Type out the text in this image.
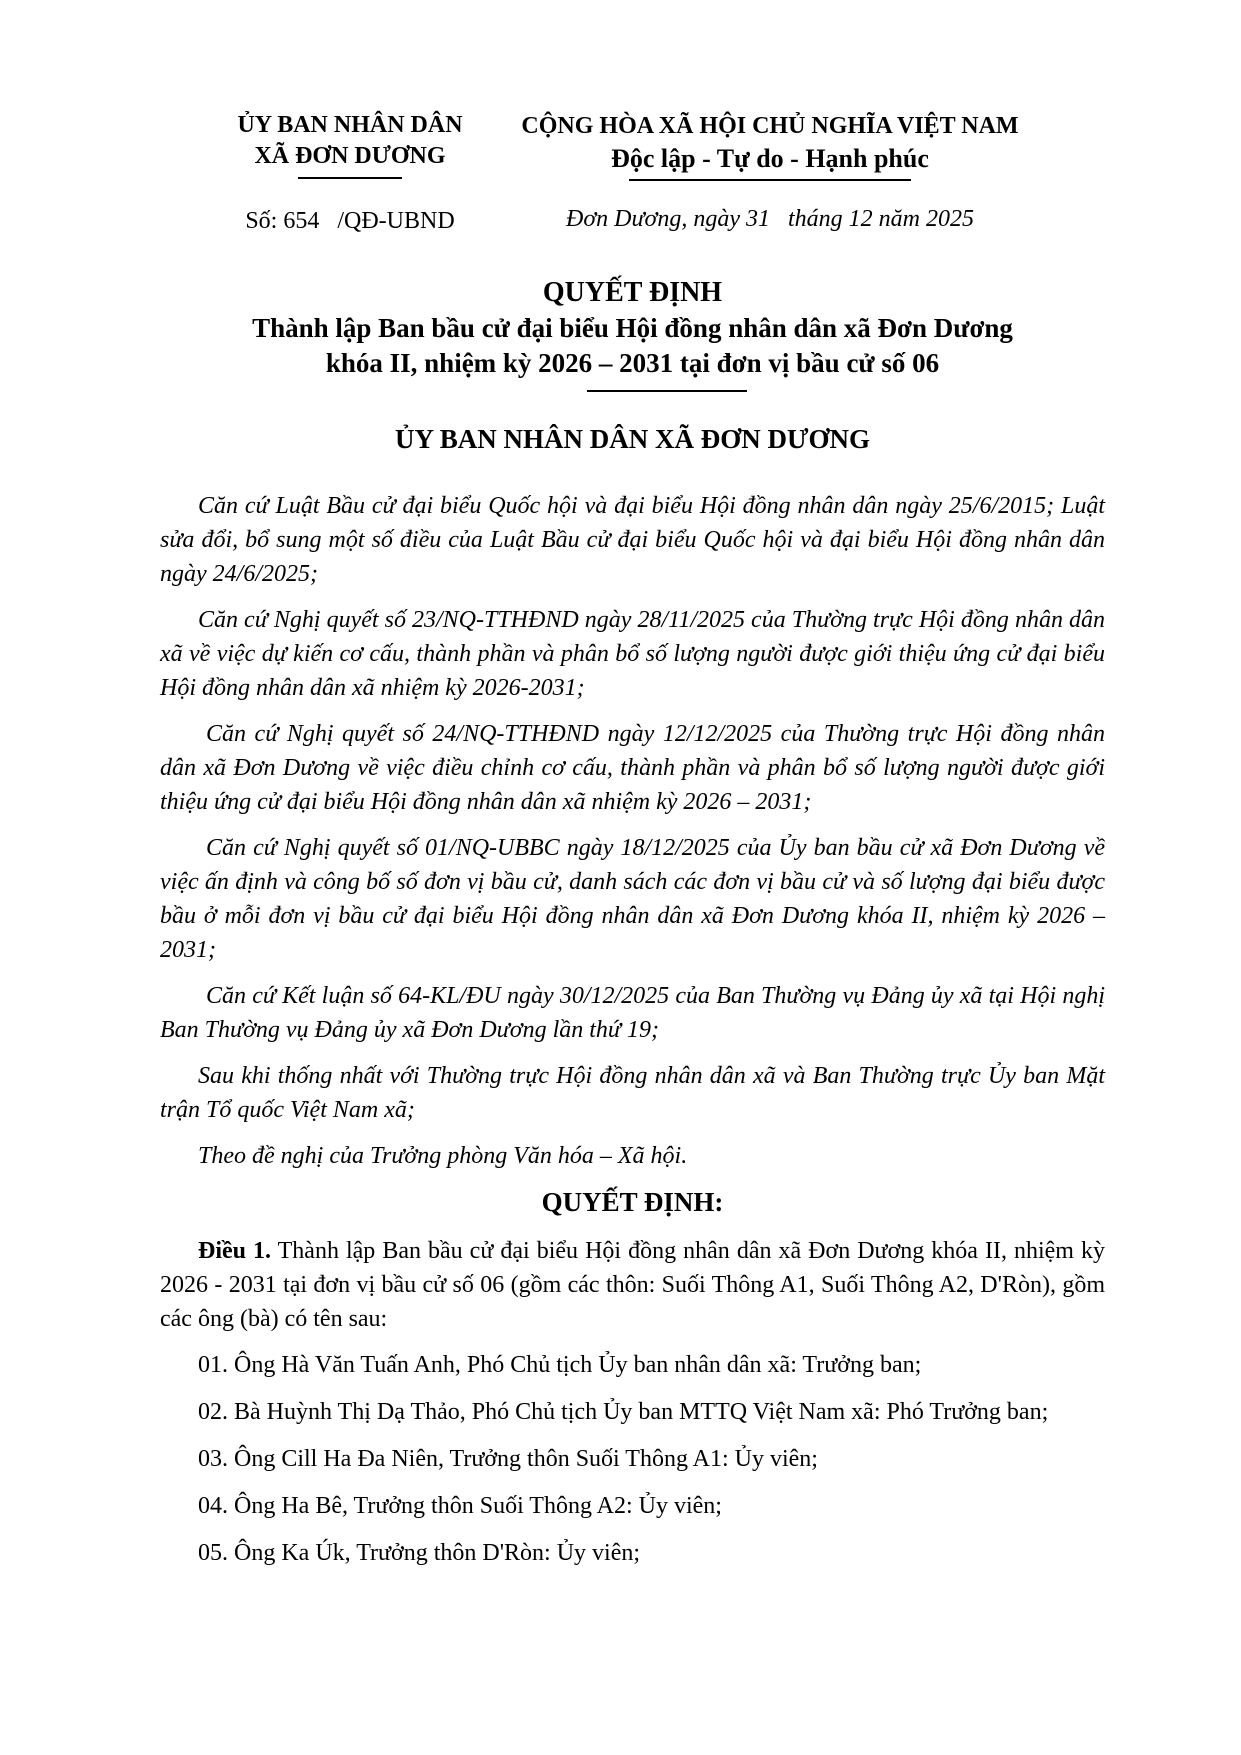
ỦY BAN NHÂN DÂN
XÃ ĐƠN DƯƠNG
Số: 654   /QĐ-UBND
CỘNG HÒA XÃ HỘI CHỦ NGHĨA VIỆT NAM
Độc lập - Tự do - Hạnh phúc
Đơn Dương, ngày 31   tháng 12 năm 2025
QUYẾT ĐỊNH
Thành lập Ban bầu cử đại biểu Hội đồng nhân dân xã Đơn Dương
khóa II, nhiệm kỳ 2026 – 2031 tại đơn vị bầu cử số 06
ỦY BAN NHÂN DÂN XÃ ĐƠN DƯƠNG

Căn cứ Luật Bầu cử đại biểu Quốc hội và đại biểu Hội đồng nhân dân ngày 25/6/2015; Luật sửa đổi, bổ sung một số điều của Luật Bầu cử đại biểu Quốc hội và đại biểu Hội đồng nhân dân ngày 24/6/2025;

Căn cứ Nghị quyết số 23/NQ-TTHĐND ngày 28/11/2025 của Thường trực Hội đồng nhân dân xã về việc dự kiến cơ cấu, thành phần và phân bổ số lượng người được giới thiệu ứng cử đại biểu Hội đồng nhân dân xã nhiệm kỳ 2026-2031;

Căn cứ Nghị quyết số 24/NQ-TTHĐND ngày 12/12/2025 của Thường trực Hội đồng nhân dân xã Đơn Dương về việc điều chỉnh cơ cấu, thành phần và phân bổ số lượng người được giới thiệu ứng cử đại biểu Hội đồng nhân dân xã nhiệm kỳ 2026 – 2031;

Căn cứ Nghị quyết số 01/NQ-UBBC ngày 18/12/2025 của Ủy ban bầu cử xã Đơn Dương về việc ấn định và công bố số đơn vị bầu cử, danh sách các đơn vị bầu cử và số lượng đại biểu được bầu ở mỗi đơn vị bầu cử đại biểu Hội đồng nhân dân xã Đơn Dương khóa II, nhiệm kỳ 2026 – 2031;

Căn cứ Kết luận số 64-KL/ĐU ngày 30/12/2025 của Ban Thường vụ Đảng ủy xã tại Hội nghị Ban Thường vụ Đảng ủy xã Đơn Dương lần thứ 19;

Sau khi thống nhất với Thường trực Hội đồng nhân dân xã và Ban Thường trực Ủy ban Mặt trận Tổ quốc Việt Nam xã;

Theo đề nghị của Trưởng phòng Văn hóa – Xã hội.

QUYẾT ĐỊNH:

Điều 1. Thành lập Ban bầu cử đại biểu Hội đồng nhân dân xã Đơn Dương khóa II, nhiệm kỳ 2026 - 2031 tại đơn vị bầu cử số 06 (gồm các thôn: Suối Thông A1, Suối Thông A2, D'Ròn), gồm các ông (bà) có tên sau:

01. Ông Hà Văn Tuấn Anh, Phó Chủ tịch Ủy ban nhân dân xã: Trưởng ban;

02. Bà Huỳnh Thị Dạ Thảo, Phó Chủ tịch Ủy ban MTTQ Việt Nam xã: Phó Trưởng ban;

03. Ông Cill Ha Đa Niên, Trưởng thôn Suối Thông A1: Ủy viên;

04. Ông Ha Bê, Trưởng thôn Suối Thông A2: Ủy viên;

05. Ông Ka Úk, Trưởng thôn D'Ròn: Ủy viên;
